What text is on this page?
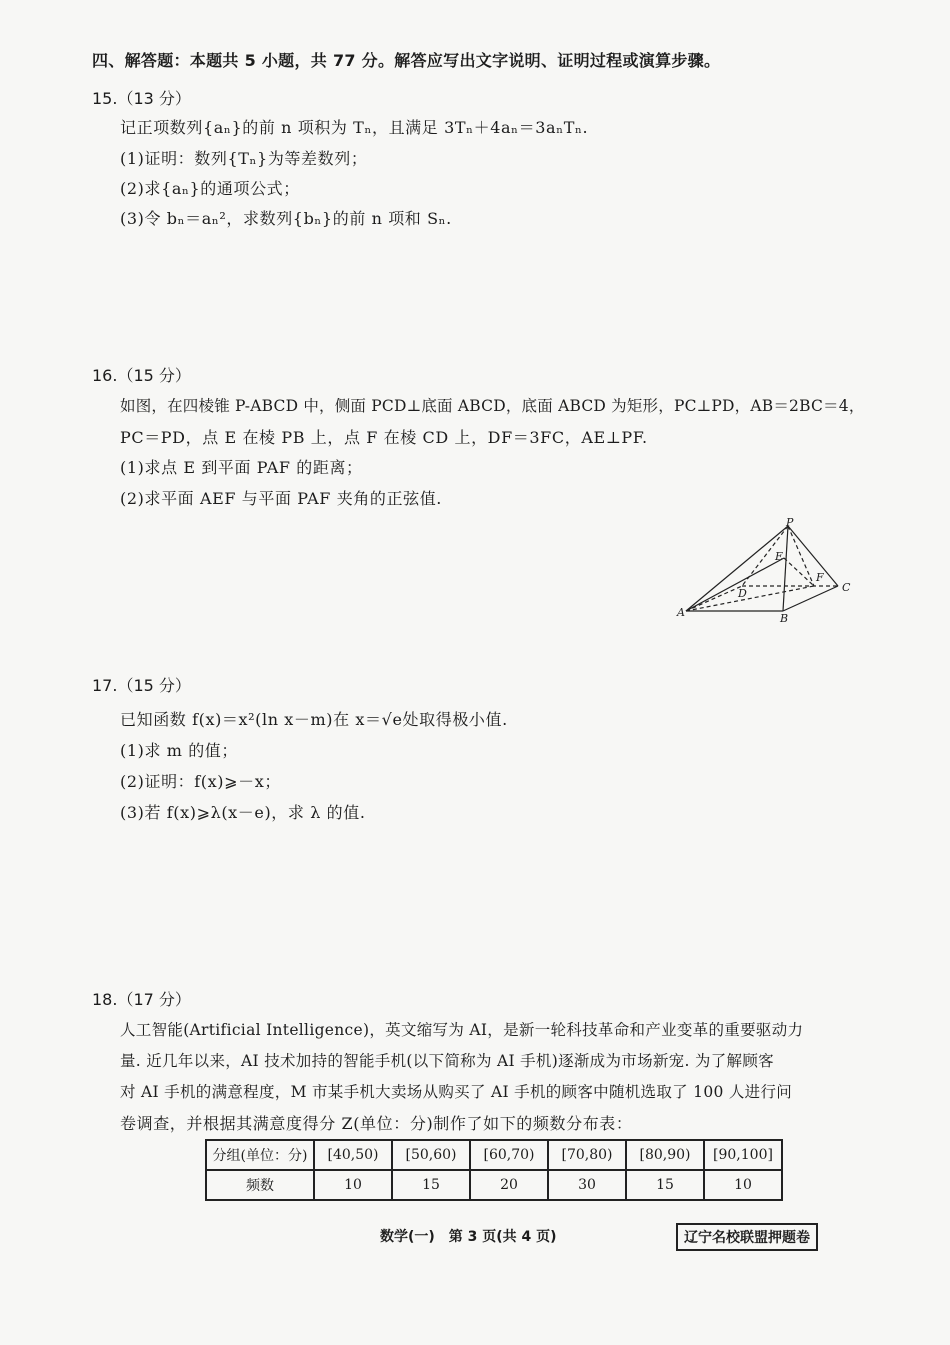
四、解答题：本题共 5 小题，共 77 分。解答应写出文字说明、证明过程或演算步骤。
15.（13 分）
记正项数列{aₙ}的前 n 项积为 Tₙ，且满足 3Tₙ＋4aₙ＝3aₙTₙ.
(1)证明：数列{Tₙ}为等差数列；
(2)求{aₙ}的通项公式；
(3)令 bₙ＝aₙ²，求数列{bₙ}的前 n 项和 Sₙ.
16.（15 分）
如图，在四棱锥 P-ABCD 中，侧面 PCD⊥底面 ABCD，底面 ABCD 为矩形，PC⊥PD，AB＝2BC＝4，
PC＝PD，点 E 在棱 PB 上，点 F 在棱 CD 上，DF＝3FC，AE⊥PF.
(1)求点 E 到平面 PAF 的距离；
(2)求平面 AEF 与平面 PAF 夹角的正弦值.
P
E
F
C
D
A	B
17.（15 分）
已知函数 f(x)＝x²(ln x－m)在 x＝√e处取得极小值.
(1)求 m 的值；
(2)证明：f(x)⩾－x；
(3)若 f(x)⩾λ(x－e)，求 λ 的值.
18.（17 分）
人工智能(Artificial Intelligence)，英文缩写为 AI，是新一轮科技革命和产业变革的重要驱动力
量. 近几年以来，AI 技术加持的智能手机(以下简称为 AI 手机)逐渐成为市场新宠. 为了解顾客
对 AI 手机的满意程度，M 市某手机大卖场从购买了 AI 手机的顾客中随机选取了 100 人进行问
卷调查，并根据其满意度得分 Z(单位：分)制作了如下的频数分布表：
分组(单位：分)	[40,50)	[50,60)	[60,70)	[70,80)	[80,90)	[90,100]
频数	10	15	20	30	15	10
数学(一)　第 3 页(共 4 页)	辽宁名校联盟押题卷
